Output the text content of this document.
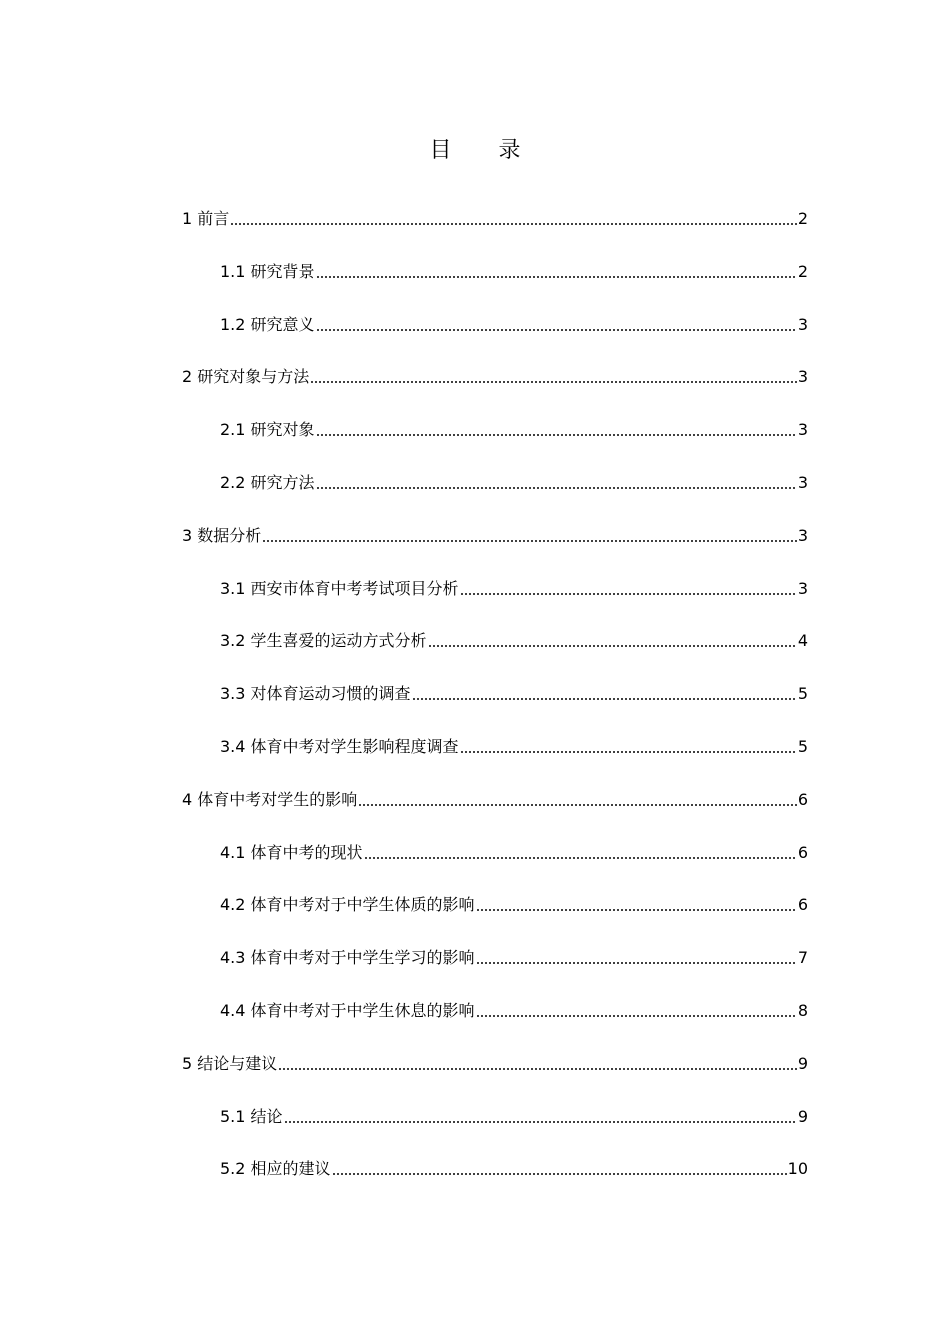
目 录
1 前言	2
1.1 研究背景	2
1.2 研究意义	3
2 研究对象与方法	3
2.1 研究对象	3
2.2 研究方法	3
3 数据分析	3
3.1 西安市体育中考考试项目分析	3
3.2 学生喜爱的运动方式分析	4
3.3 对体育运动习惯的调查	5
3.4 体育中考对学生影响程度调查	5
4 体育中考对学生的影响	6
4.1 体育中考的现状	6
4.2 体育中考对于中学生体质的影响	6
4.3 体育中考对于中学生学习的影响	7
4.4 体育中考对于中学生休息的影响	8
5 结论与建议	9
5.1 结论	9
5.2 相应的建议	10
